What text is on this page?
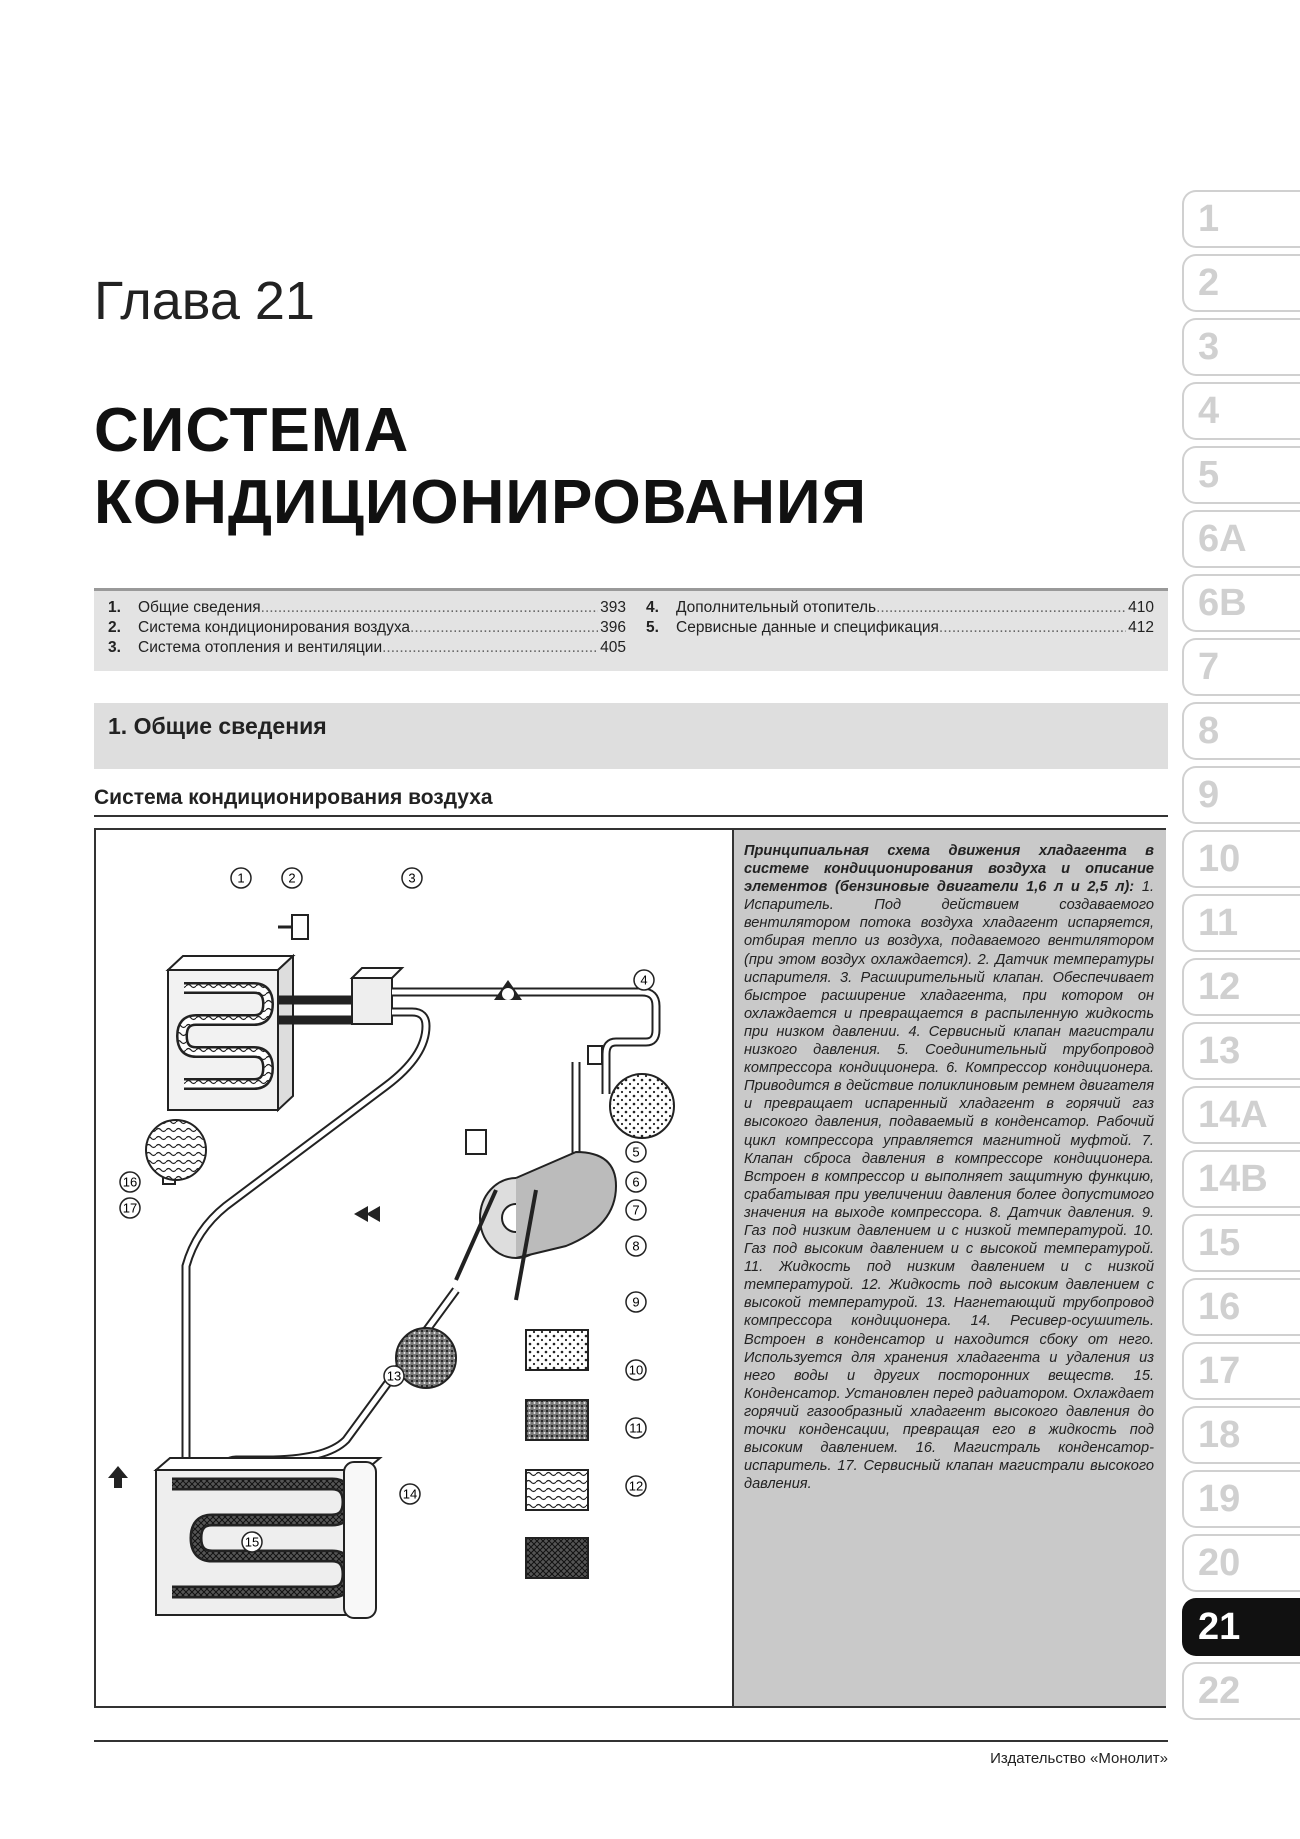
Глава 21
СИСТЕМА
КОНДИЦИОНИРОВАНИЯ
1.	Общие сведения .....	393
2.	Система кондиционирования воздуха .....	396
3.	Система отопления и вентиляции .....	405
4.	Дополнительный отопитель .....	410
5.	Сервисные данные и спецификация .....	412
1. Общие сведения
Система кондиционирования воздуха
1	2	3
4
5
6
7
8
9
10
11
12
13
14
15
16
17
Принципиальная схема движения хладагента в системе кондиционирования воздуха и описание элементов (бензиновые двигатели 1,6 л и 2,5 л): 1. Испаритель. Под действием создаваемого вентилятором потока воздуха хладагент испаряется, отбирая тепло из воздуха, подаваемого вентилятором (при этом воздух охлаждается). 2. Датчик температуры испарителя. 3. Расширительный клапан. Обеспечивает быстрое расширение хладагента, при котором он охлаждается и превращается в распыленную жидкость при низком давлении. 4. Сервисный клапан магистрали низкого давления. 5. Соединительный трубопровод компрессора кондиционера. 6. Компрессор кондиционера. Приводится в действие поликлиновым ремнем двигателя и превращает испаренный хладагент в горячий газ высокого давления, подаваемый в конденсатор. Рабочий цикл компрессора управляется магнитной муфтой. 7. Клапан сброса давления в компрессоре кондиционера. Встроен в компрессор и выполняет защитную функцию, срабатывая при увеличении давления более допустимого значения на выходе компрессора. 8. Датчик давления. 9. Газ под низким давлением и с низкой температурой. 10. Газ под высоким давлением и с высокой температурой. 11. Жидкость под низким давлением и с низкой температурой. 12. Жидкость под высоким давлением с высокой температурой. 13. Нагнетающий трубопровод компрессора кондиционера. 14. Ресивер-осушитель. Встроен в конденсатор и находится сбоку от него. Используется для хранения хладагента и удаления из него воды и других посторонних веществ. 15. Конденсатор. Установлен перед радиатором. Охлаждает горячий газообразный хладагент высокого давления до точки конденсации, превращая его в жидкость под высоким давлением. 16. Магистраль конденсатор-испаритель. 17. Сервисный клапан магистрали высокого давления.
Издательство «Монолит»
1
2
3
4
5
6A
6B
7
8
9
10
11
12
13
14A
14B
15
16
17
18
19
20
21
22
